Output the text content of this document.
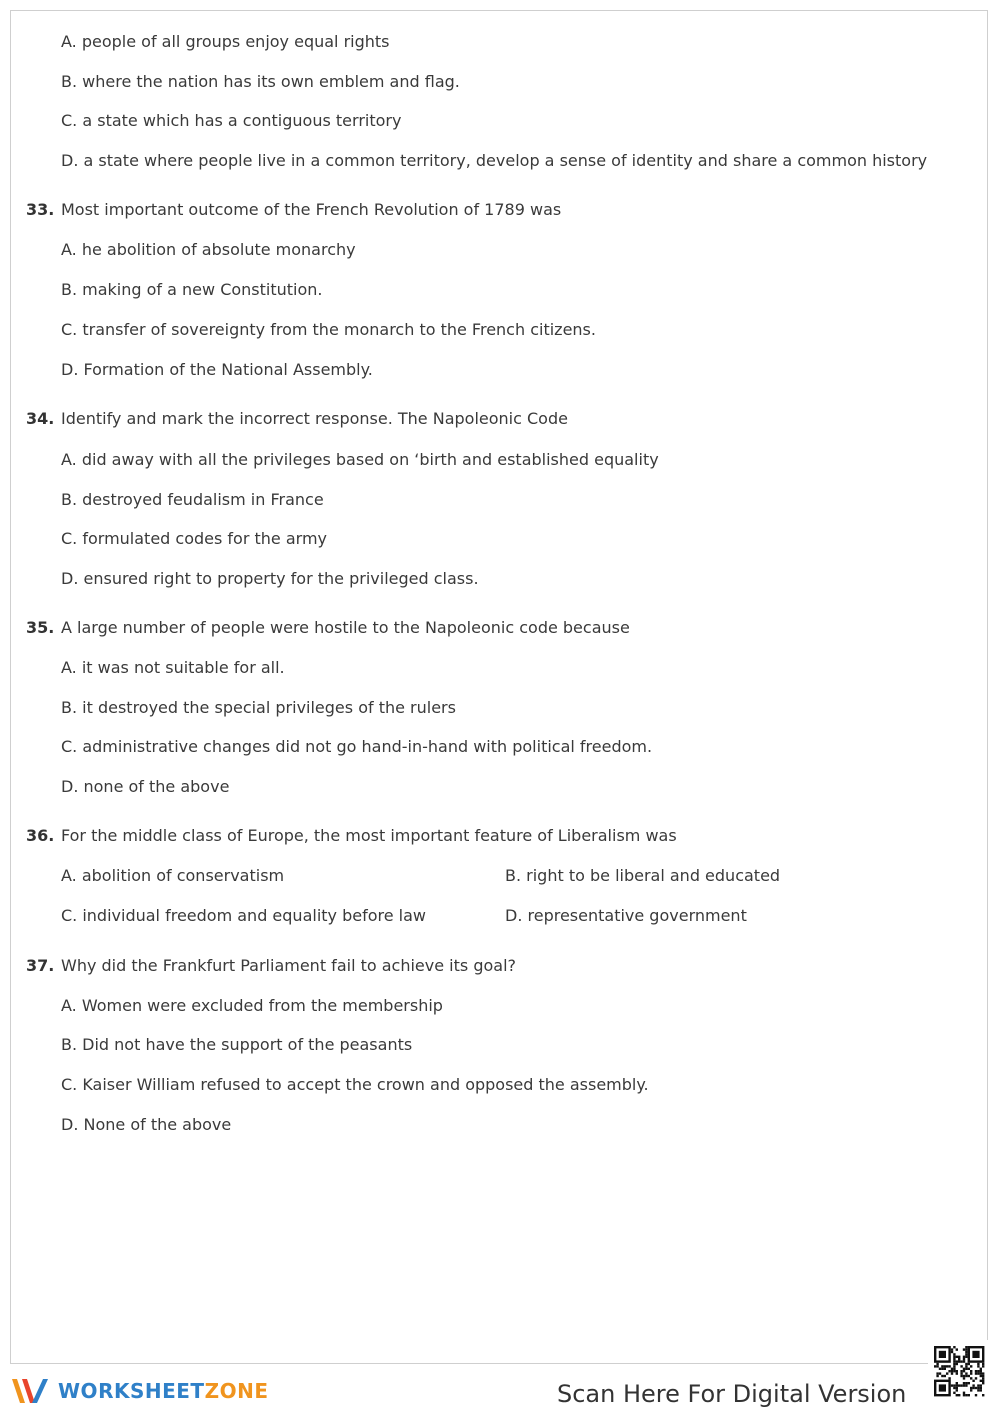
A. people of all groups enjoy equal rights
B. where the nation has its own emblem and flag.
C. a state which has a contiguous territory
D. a state where people live in a common territory, develop a sense of identity and share a common history
33. Most important outcome of the French Revolution of 1789 was
A. he abolition of absolute monarchy
B. making of a new Constitution.
C. transfer of sovereignty from the monarch to the French citizens.
D. Formation of the National Assembly.
34. Identify and mark the incorrect response. The Napoleonic Code
A. did away with all the privileges based on ‘birth and established equality
B. destroyed feudalism in France
C. formulated codes for the army
D. ensured right to property for the privileged class.
35. A large number of people were hostile to the Napoleonic code because
A. it was not suitable for all.
B. it destroyed the special privileges of the rulers
C. administrative changes did not go hand-in-hand with political freedom.
D. none of the above
36. For the middle class of Europe, the most important feature of Liberalism was
A. abolition of conservatism	B. right to be liberal and educated
C. individual freedom and equality before law	D. representative government
37. Why did the Frankfurt Parliament fail to achieve its goal?
A. Women were excluded from the membership
B. Did not have the support of the peasants
C. Kaiser William refused to accept the crown and opposed the assembly.
D. None of the above
WORKSHEETZONE	Scan Here For Digital Version
